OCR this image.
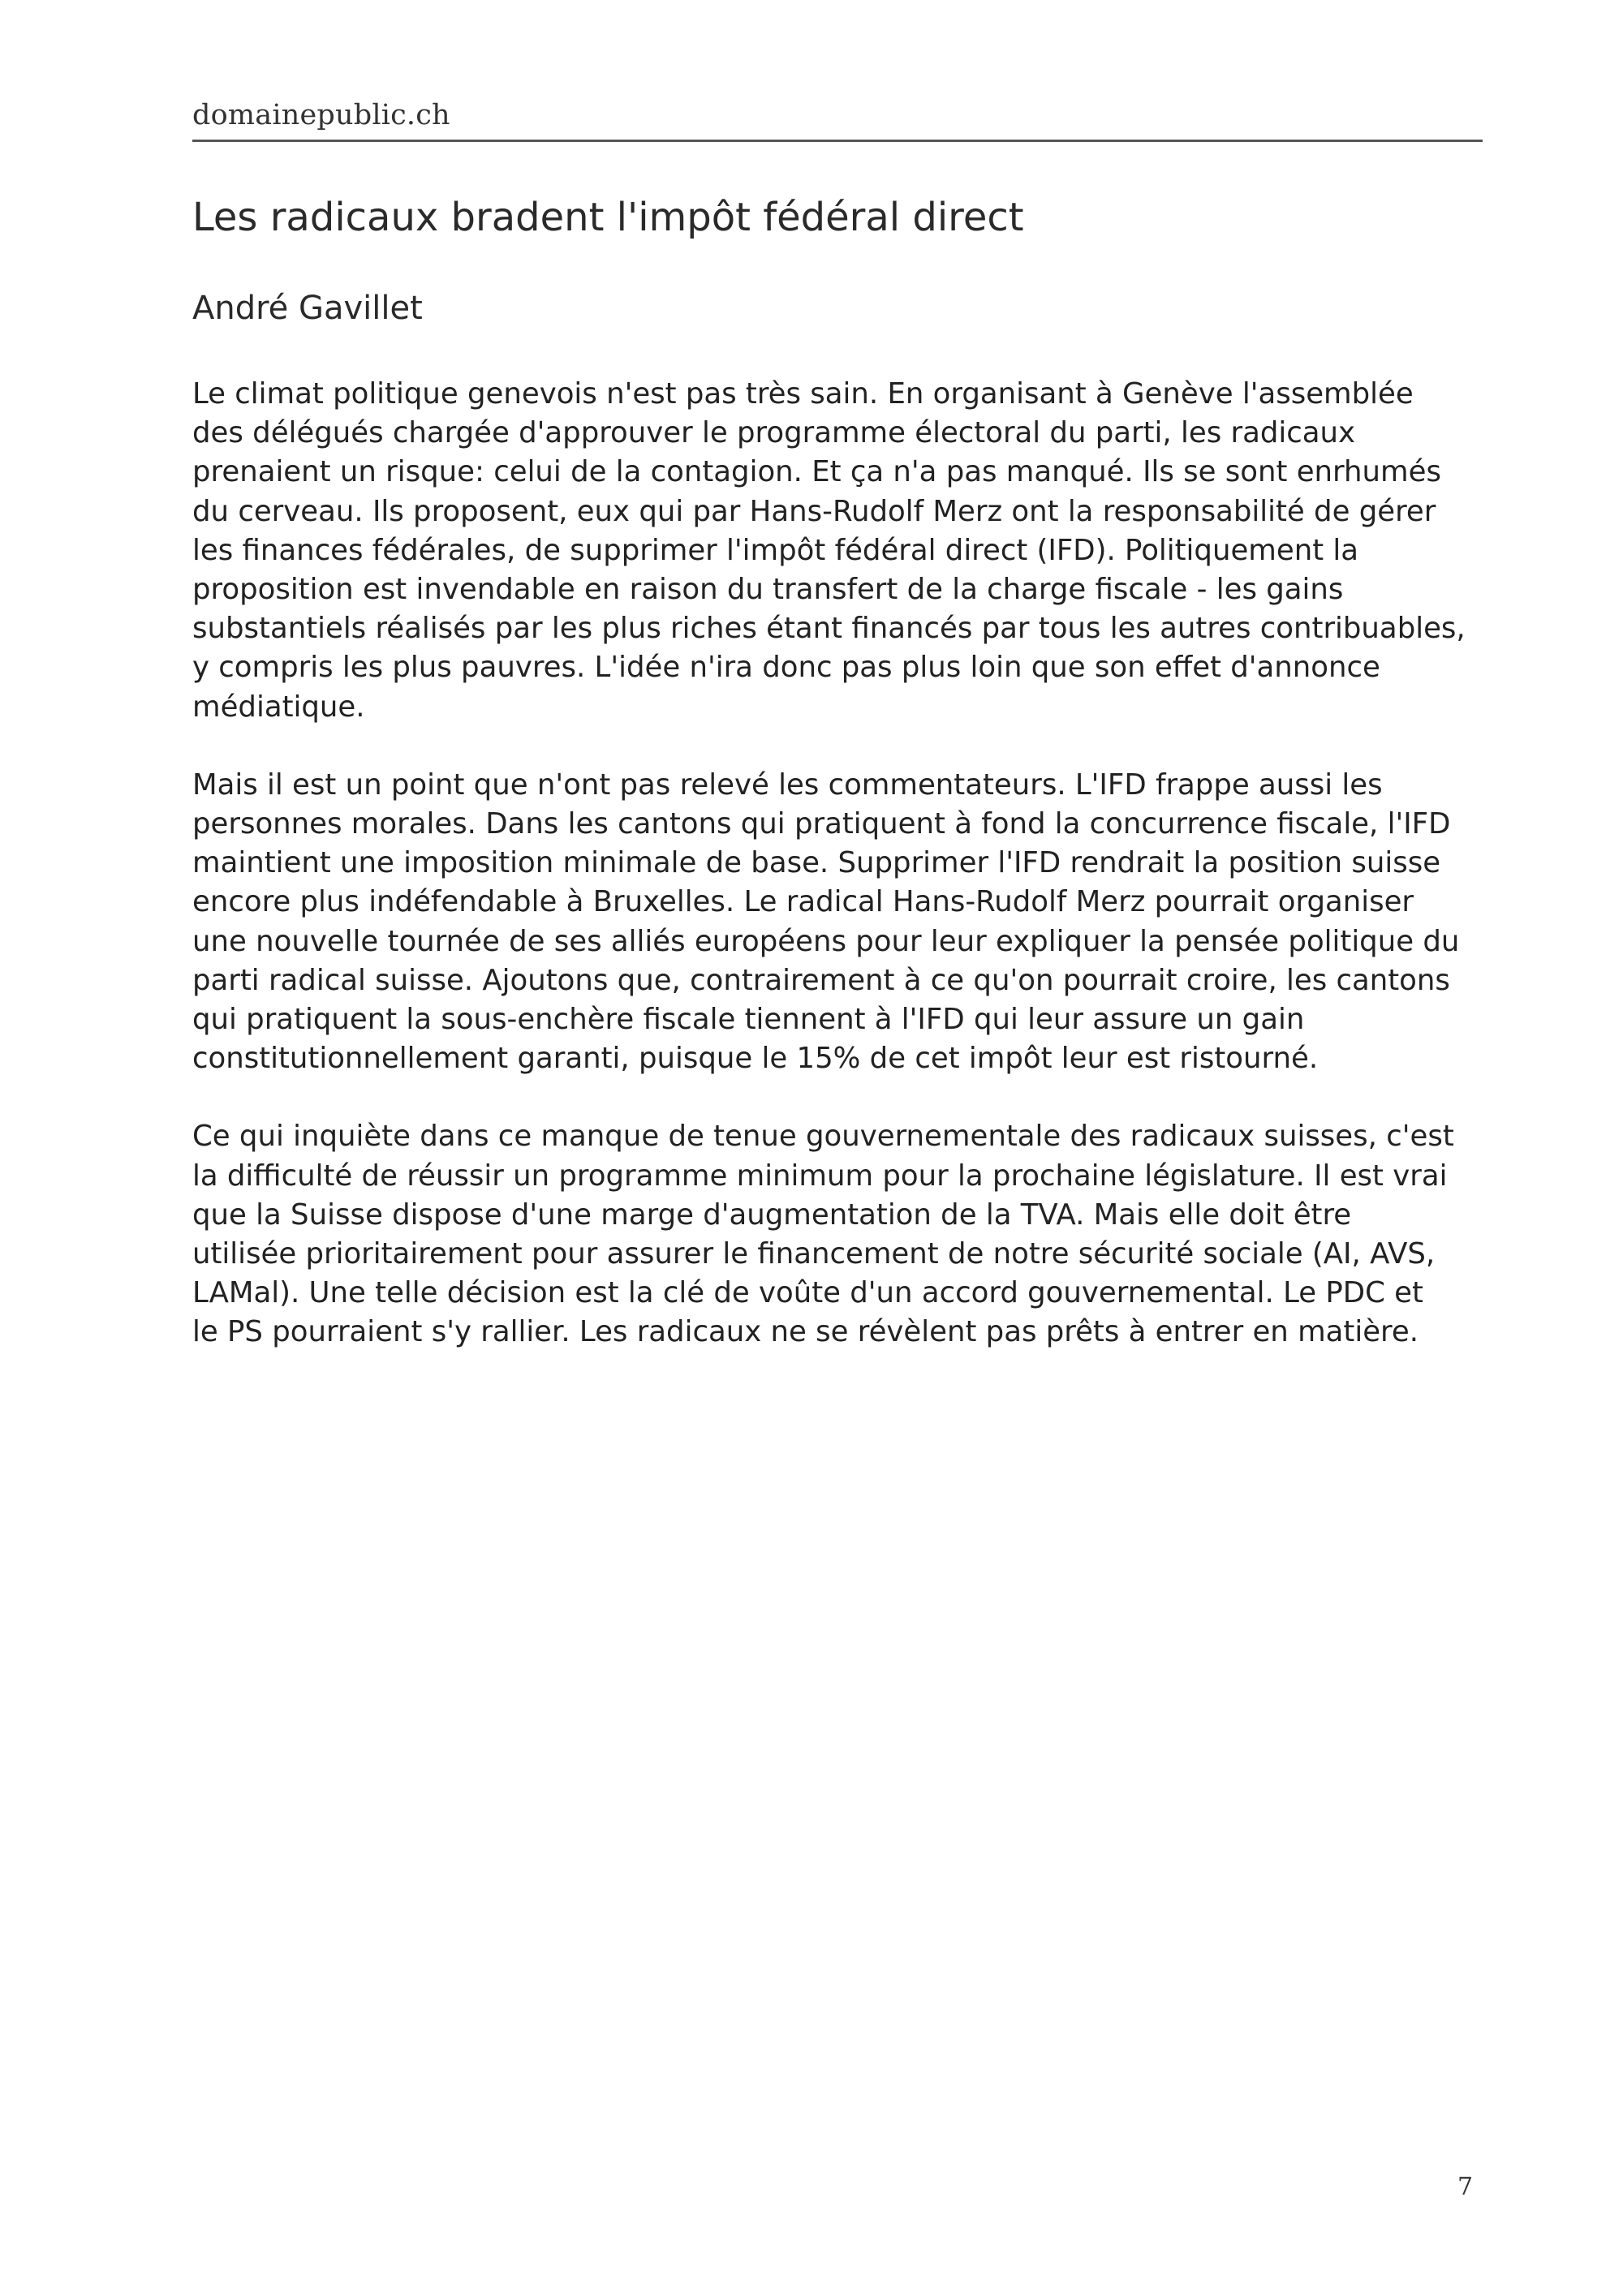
domainepublic.ch
Les radicaux bradent l'impôt fédéral direct
André Gavillet

Le climat politique genevois n'est pas très sain. En organisant à Genève l'assemblée
des délégués chargée d'approuver le programme électoral du parti, les radicaux
prenaient un risque: celui de la contagion. Et ça n'a pas manqué. Ils se sont enrhumés
du cerveau. Ils proposent, eux qui par Hans-Rudolf Merz ont la responsabilité de gérer
les finances fédérales, de supprimer l'impôt fédéral direct (IFD). Politiquement la
proposition est invendable en raison du transfert de la charge fiscale - les gains
substantiels réalisés par les plus riches étant financés par tous les autres contribuables,
y compris les plus pauvres. L'idée n'ira donc pas plus loin que son effet d'annonce
médiatique.

Mais il est un point que n'ont pas relevé les commentateurs. L'IFD frappe aussi les
personnes morales. Dans les cantons qui pratiquent à fond la concurrence fiscale, l'IFD
maintient une imposition minimale de base. Supprimer l'IFD rendrait la position suisse
encore plus indéfendable à Bruxelles. Le radical Hans-Rudolf Merz pourrait organiser
une nouvelle tournée de ses alliés européens pour leur expliquer la pensée politique du
parti radical suisse. Ajoutons que, contrairement à ce qu'on pourrait croire, les cantons
qui pratiquent la sous-enchère fiscale tiennent à l'IFD qui leur assure un gain
constitutionnellement garanti, puisque le 15% de cet impôt leur est ristourné.

Ce qui inquiète dans ce manque de tenue gouvernementale des radicaux suisses, c'est
la difficulté de réussir un programme minimum pour la prochaine législature. Il est vrai
que la Suisse dispose d'une marge d'augmentation de la TVA. Mais elle doit être
utilisée prioritairement pour assurer le financement de notre sécurité sociale (AI, AVS,
LAMal). Une telle décision est la clé de voûte d'un accord gouvernemental. Le PDC et
le PS pourraient s'y rallier. Les radicaux ne se révèlent pas prêts à entrer en matière.

7
